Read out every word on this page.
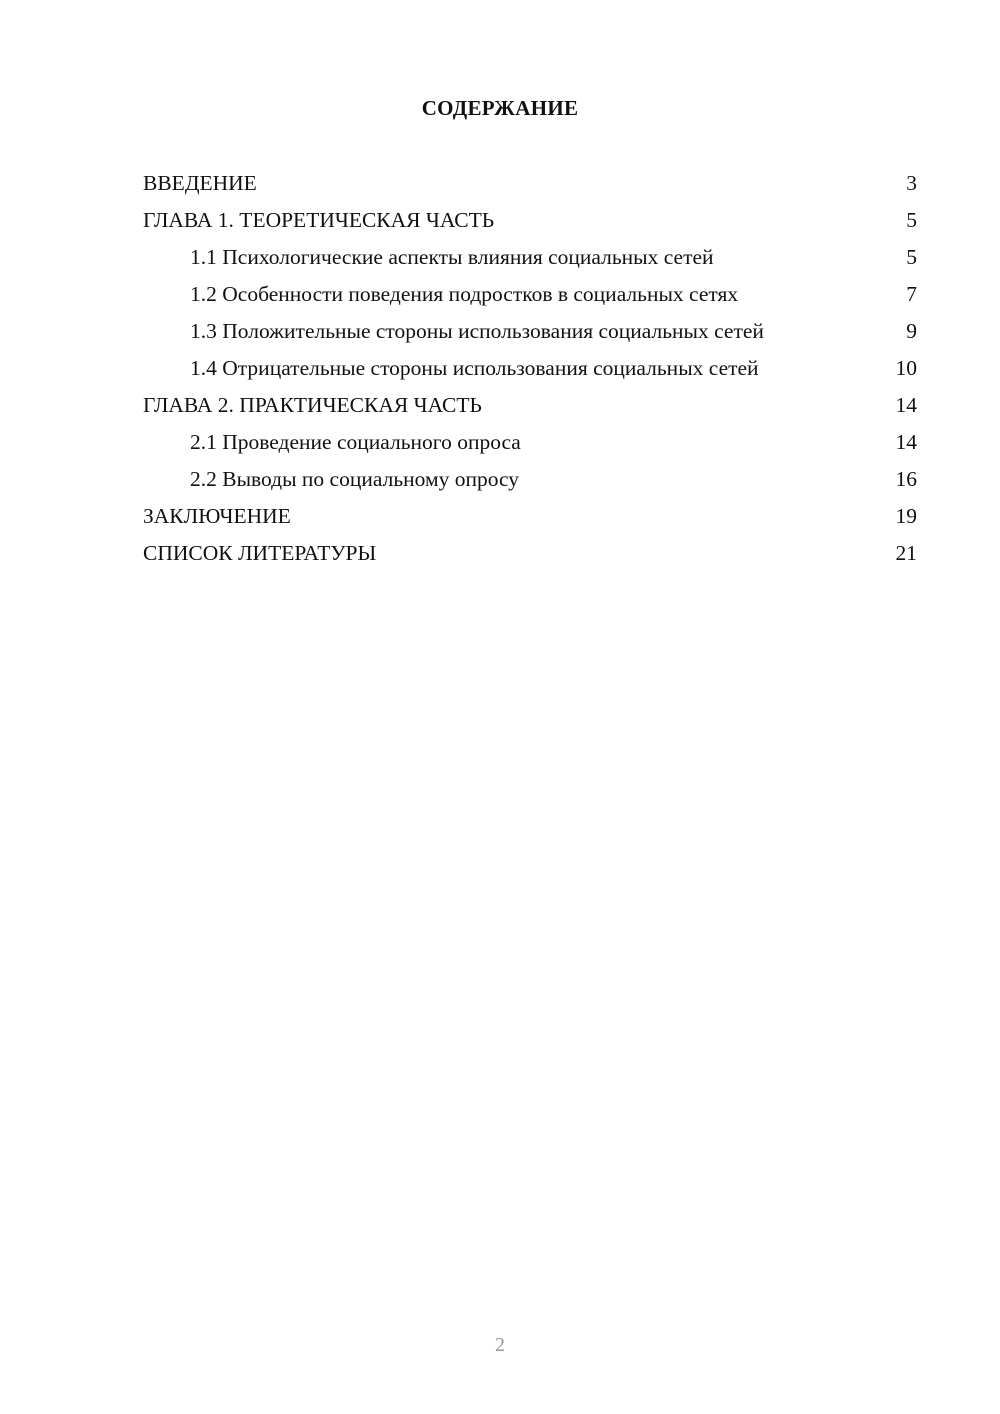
СОДЕРЖАНИЕ
ВВЕДЕНИЕ	3
ГЛАВА 1. ТЕОРЕТИЧЕСКАЯ ЧАСТЬ	5
1.1 Психологические аспекты влияния социальных сетей	5
1.2 Особенности поведения подростков в социальных сетях	7
1.3 Положительные стороны использования социальных сетей	9
1.4 Отрицательные стороны использования социальных сетей	10
ГЛАВА 2. ПРАКТИЧЕСКАЯ ЧАСТЬ	14
2.1 Проведение социального опроса	14
2.2 Выводы по социальному опросу	16
ЗАКЛЮЧЕНИЕ	19
СПИСОК ЛИТЕРАТУРЫ	21
2
